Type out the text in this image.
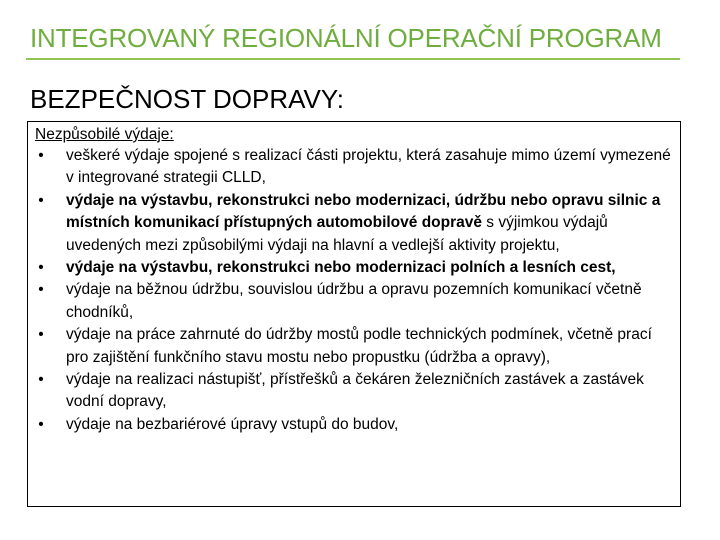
INTEGROVANÝ REGIONÁLNÍ OPERAČNÍ PROGRAM
BEZPEČNOST DOPRAVY:
Nezpůsobilé výdaje:
• veškeré výdaje spojené s realizací části projektu, která zasahuje mimo území vymezené v integrované strategii CLLD,
• výdaje na výstavbu, rekonstrukci nebo modernizaci, údržbu nebo opravu silnic a místních komunikací přístupných automobilové dopravě s výjimkou výdajů uvedených mezi způsobilými výdaji na hlavní a vedlejší aktivity projektu,
• výdaje na výstavbu, rekonstrukci nebo modernizaci polních a lesních cest,
• výdaje na běžnou údržbu, souvislou údržbu a opravu pozemních komunikací včetně chodníků,
• výdaje na práce zahrnuté do údržby mostů podle technických podmínek, včetně prací pro zajištění funkčního stavu mostu nebo propustku (údržba a opravy),
• výdaje na realizaci nástupišť, přístřešků a čekáren železničních zastávek a zastávek vodní dopravy,
• výdaje na bezbariérové úpravy vstupů do budov,
